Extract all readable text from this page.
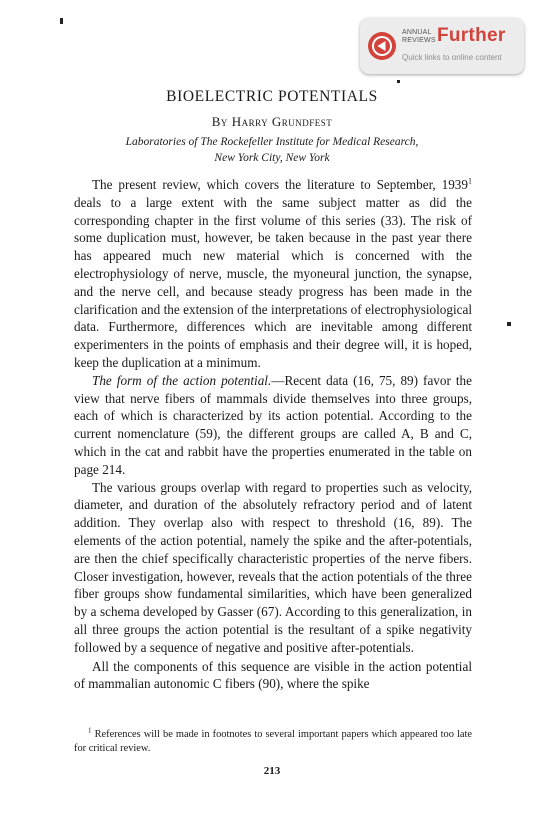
ANNUAL
REVIEWS Further
Quick links to online content
BIOELECTRIC POTENTIALS
By Harry Grundfest
Laboratories of The Rockefeller Institute for Medical Research,
New York City, New York

The present review, which covers the literature to September, 1939$^1$ deals to a large extent with the same subject matter as did the corresponding chapter in the first volume of this series (33). The risk of some duplication must, however, be taken because in the past year there has appeared much new material which is concerned with the electrophysiology of nerve, muscle, the myoneural junction, the synapse, and the nerve cell, and because steady progress has been made in the clarification and the extension of the interpretations of electrophysiological data. Furthermore, differences which are inevitable among different experimenters in the points of emphasis and their degree will, it is hoped, keep the duplication at a minimum.

The form of the action potential.—Recent data (16, 75, 89) favor the view that nerve fibers of mammals divide themselves into three groups, each of which is characterized by its action potential. According to the current nomenclature (59), the different groups are called A, B and C, which in the cat and rabbit have the properties enumerated in the table on page 214.

The various groups overlap with regard to properties such as velocity, diameter, and duration of the absolutely refractory period and of latent addition. They overlap also with respect to threshold (16, 89). The elements of the action potential, namely the spike and the after-potentials, are then the chief specifically characteristic properties of the nerve fibers. Closer investigation, however, reveals that the action potentials of the three fiber groups show fundamental similarities, which have been generalized by a schema developed by Gasser (67). According to this generalization, in all three groups the action potential is the resultant of a spike negativity followed by a sequence of negative and positive after-potentials.

All the components of this sequence are visible in the action potential of mammalian autonomic C fibers (90), where the spike

$^1$ References will be made in footnotes to several important papers which appeared too late for critical review.
213
